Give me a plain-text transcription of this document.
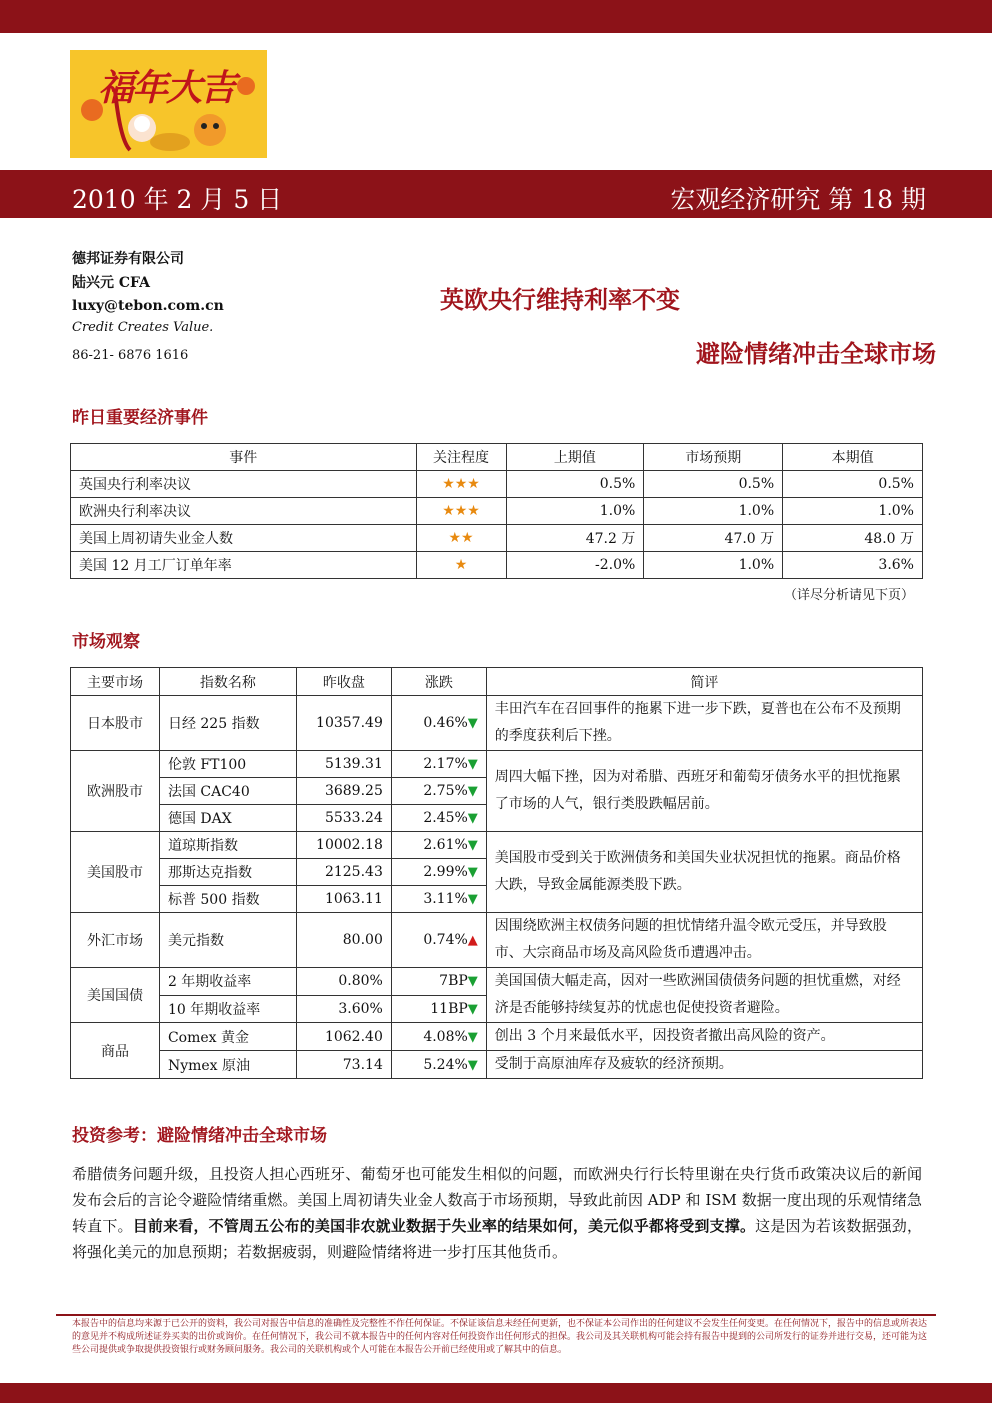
福年大吉
2010 年 2 月 5 日	宏观经济研究 第 18 期
德邦证券有限公司
陆兴元 CFA
luxy@tebon.com.cn
Credit Creates Value.
86-21- 6876 1616
英欧央行维持利率不变
避险情绪冲击全球市场
昨日重要经济事件
事件	关注程度	上期值	市场预期	本期值
英国央行利率决议	★★★	0.5%	0.5%	0.5%
欧洲央行利率决议	★★★	1.0%	1.0%	1.0%
美国上周初请失业金人数	★★	47.2 万	47.0 万	48.0 万
美国 12 月工厂订单年率	★	-2.0%	1.0%	3.6%
（详尽分析请见下页）
市场观察
主要市场	指数名称	昨收盘	涨跌	简评
日本股市	日经 225 指数	10357.49	0.46%▼	丰田汽车在召回事件的拖累下进一步下跌，夏普也在公布不及预期的季度获利后下挫。
欧洲股市	伦敦 FT100	5139.31	2.17%▼	周四大幅下挫，因为对希腊、西班牙和葡萄牙债务水平的担忧拖累了市场的人气，银行类股跌幅居前。
	法国 CAC40	3689.25	2.75%▼	
	德国 DAX	5533.24	2.45%▼	
美国股市	道琼斯指数	10002.18	2.61%▼	美国股市受到关于欧洲债务和美国失业状况担忧的拖累。商品价格大跌，导致金属能源类股下跌。
	那斯达克指数	2125.43	2.99%▼	
	标普 500 指数	1063.11	3.11%▼	
外汇市场	美元指数	80.00	0.74%▲	因围绕欧洲主权债务问题的担忧情绪升温令欧元受压，并导致股市、大宗商品市场及高风险货币遭遇冲击。
美国国债	2 年期收益率	0.80%	7BP▼	美国国债大幅走高，因对一些欧洲国债债务问题的担忧重燃，对经济是否能够持续复苏的忧虑也促使投资者避险。
	10 年期收益率	3.60%	11BP▼	
商品	Comex 黄金	1062.40	4.08%▼	创出 3 个月来最低水平，因投资者撤出高风险的资产。
	Nymex 原油	73.14	5.24%▼	受制于高原油库存及疲软的经济预期。
投资参考：避险情绪冲击全球市场
希腊债务问题升级，且投资人担心西班牙、葡萄牙也可能发生相似的问题，而欧洲央行行长特里谢在央行货币政策决议后的新闻发布会后的言论令避险情绪重燃。美国上周初请失业金人数高于市场预期，导致此前因 ADP 和 ISM 数据一度出现的乐观情绪急转直下。目前来看，不管周五公布的美国非农就业数据于失业率的结果如何，美元似乎都将受到支撑。这是因为若该数据强劲，将强化美元的加息预期；若数据疲弱，则避险情绪将进一步打压其他货币。
本报告中的信息均来源于已公开的资料，我公司对报告中信息的准确性及完整性不作任何保证。不保证该信息未经任何更新，也不保证本公司作出的任何建议不会发生任何变更。在任何情况下，报告中的信息或所表达的意见并不构成所述证券买卖的出价或询价。在任何情况下，我公司不就本报告中的任何内容对任何投资作出任何形式的担保。我公司及其关联机构可能会持有报告中提到的公司所发行的证券并进行交易，还可能为这些公司提供或争取提供投资银行或财务顾问服务。我公司的关联机构或个人可能在本报告公开前已经使用或了解其中的信息。
